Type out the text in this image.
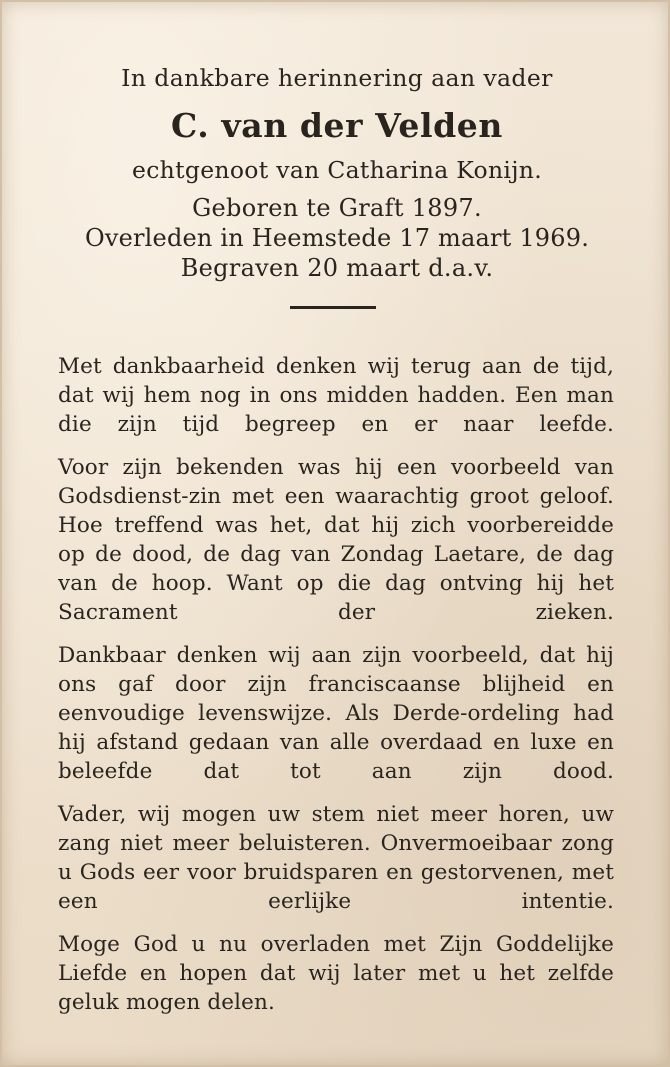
In dankbare herinnering aan vader
C. van der Velden
echtgenoot van Catharina Konijn.
Geboren te Graft 1897.
Overleden in Heemstede 17 maart 1969.
Begraven 20 maart d.a.v.

Met dankbaarheid denken wij terug aan de tijd, dat wij hem nog in ons midden hadden. Een man die zijn tijd begreep en er naar leefde.

Voor zijn bekenden was hij een voorbeeld van Godsdienst-zin met een waarachtig groot geloof. Hoe treffend was het, dat hij zich voorbereidde op de dood, de dag van Zondag Laetare, de dag van de hoop. Want op die dag ontving hij het Sacrament der zieken.

Dankbaar denken wij aan zijn voorbeeld, dat hij ons gaf door zijn franciscaanse blijheid en eenvoudige levenswijze. Als Derde-ordeling had hij afstand gedaan van alle overdaad en luxe en beleefde dat tot aan zijn dood.

Vader, wij mogen uw stem niet meer horen, uw zang niet meer beluisteren. Onvermoeibaar zong u Gods eer voor bruidsparen en gestorvenen, met een eerlijke intentie.

Moge God u nu overladen met Zijn Goddelijke Liefde en hopen dat wij later met u het zelfde geluk mogen delen.
